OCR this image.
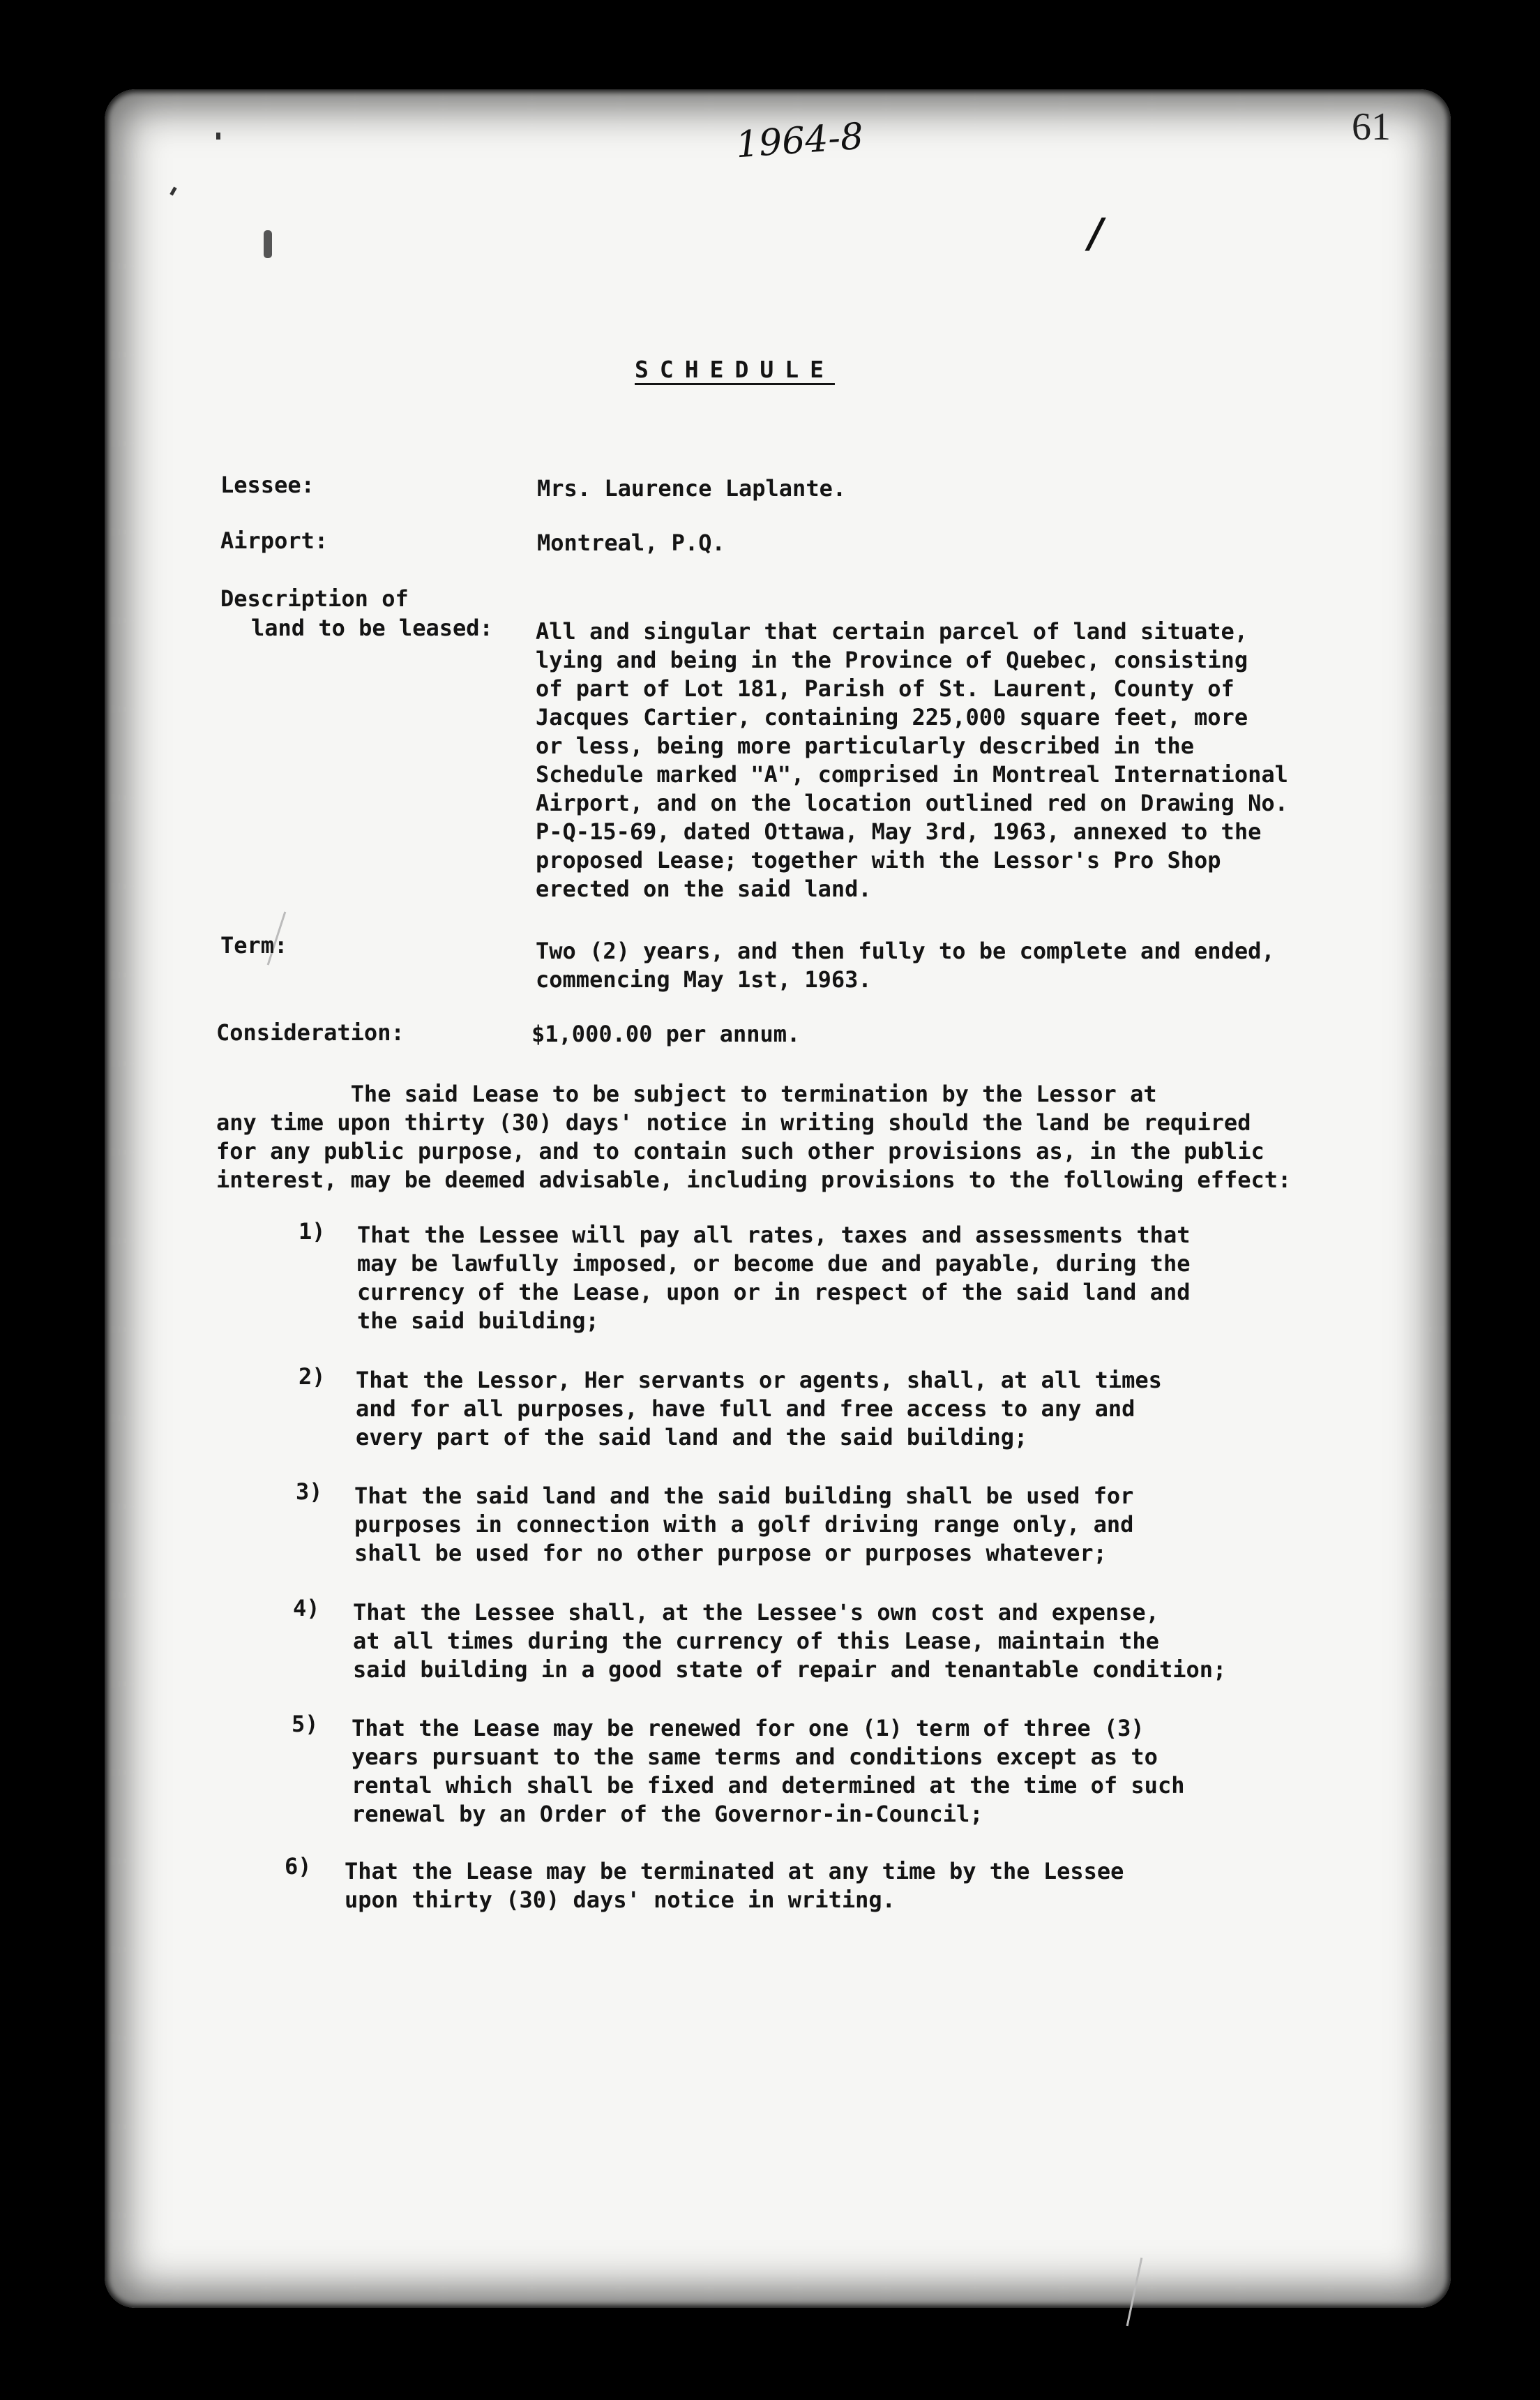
61
1964-8
/
SCHEDULE
Lessee:	Mrs. Laurence Laplante.
Airport:	Montreal, P.Q.
Description of
land to be leased: All and singular that certain parcel of land situate,
lying and being in the Province of Quebec, consisting
of part of Lot 181, Parish of St. Laurent, County of
Jacques Cartier, containing 225,000 square feet, more
or less, being more particularly described in the
Schedule marked "A", comprised in Montreal International
Airport, and on the location outlined red on Drawing No.
P-Q-15-69, dated Ottawa, May 3rd, 1963, annexed to the
proposed Lease; together with the Lessor's Pro Shop
erected on the said land.
Term:	Two (2) years, and then fully to be complete and ended,
commencing May 1st, 1963.
Consideration:	$1,000.00 per annum.
The said Lease to be subject to termination by the Lessor at
any time upon thirty (30) days' notice in writing should the land be required
for any public purpose, and to contain such other provisions as, in the public
interest, may be deemed advisable, including provisions to the following effect:
1) That the Lessee will pay all rates, taxes and assessments that
may be lawfully imposed, or become due and payable, during the
currency of the Lease, upon or in respect of the said land and
the said building;
2) That the Lessor, Her servants or agents, shall, at all times
and for all purposes, have full and free access to any and
every part of the said land and the said building;
3) That the said land and the said building shall be used for
purposes in connection with a golf driving range only, and
shall be used for no other purpose or purposes whatever;
4) That the Lessee shall, at the Lessee's own cost and expense,
at all times during the currency of this Lease, maintain the
said building in a good state of repair and tenantable condition;
5) That the Lease may be renewed for one (1) term of three (3)
years pursuant to the same terms and conditions except as to
rental which shall be fixed and determined at the time of such
renewal by an Order of the Governor-in-Council;
6) That the Lease may be terminated at any time by the Lessee
upon thirty (30) days' notice in writing.
